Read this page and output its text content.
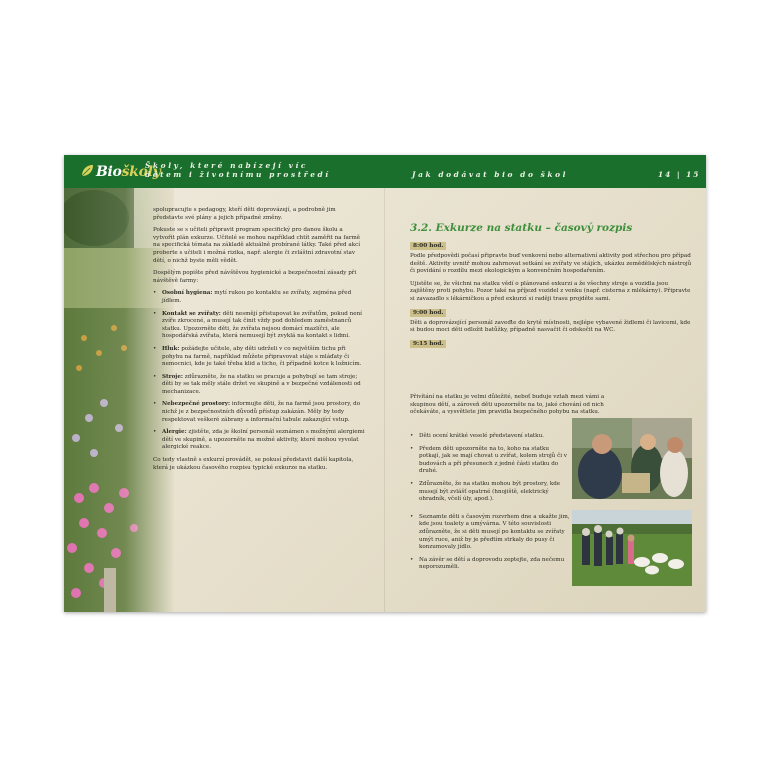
Bioškoly
Školy, které nabízejí víc
dětem i životnímu prostředí	Jak dodávat bio do škol	14 | 15

spolupracujte s pedagogy, kteří děti doprovázejí, a podrobně jim představte své plány a jejich případné změny.

Pokuste se s učiteli připravit program specifický pro danou školu a vytvořit plán exkurze. Učitelé se mohou například chtít zaměřit na farmě na specifická témata na základě aktuálně probírané látky. Také před akcí proberte s učiteli i možná rizika, např. alergie či zvláštní zdravotní stav dětí, o nichž byste měli vědět.

Dospělým popište před návštěvou hygienické a bezpečnostní zásady při návštěvě farmy:

• Osobní hygiena: mytí rukou po kontaktu se zvířaty, zejména před jídlem.
• Kontakt se zvířaty: děti nesmějí přistupovat ke zvířatům, pokud není zvíře zkrocené, a musejí tak činit vždy pod dohledem zaměstnanců statku. Upozorněte děti, že zvířata nejsou domácí mazlíčci, ale hospodářská zvířata, která nemusejí být zvyklá na kontakt s lidmi.
• Hluk: požádejte učitele, aby děti udrželi v co největším tichu při pohybu na farmě, například můžete připravovat stáje s mláďaty či nemocnici, kde je také třeba klid a ticho, či případně kotce k ložnicím.
• Stroje: zdůrazněte, že na statku se pracuje a pohybují se tam stroje; děti by se tak měly stále držet ve skupině a v bezpečné vzdálenosti od mechanizace.
• Nebezpečné prostory: informujte děti, že na farmě jsou prostory, do nichž je z bezpečnostních důvodů přístup zakázán. Měly by tedy respektovat veškeré zábrany a informační tabule zakazující vstup.
• Alergie: zjistěte, zda je školní personál seznámen s možnými alergiemi dětí ve skupině, a upozorněte na možné aktivity, které mohou vyvolat alergické reakce.

Co tedy vlastně s exkurzí provádět, se pokusí představit další kapitola, která je ukázkou časového rozpisu typické exkurze na statku.

3.2. Exkurze na statku – časový rozpis
8:00 hod.

Podle předpovědi počasí připravte buď venkovní nebo alternativní aktivity pod střechou pro případ deště. Aktivity uvnitř mohou zahrnovat setkání se zvířaty ve stájích, ukázku zemědělských nástrojů či povídání o rozdílu mezi ekologickým a konvenčním hospodařením.

Ujistěte se, že všichni na statku vědí o plánované exkurzi a že všechny stroje a vozidla jsou zajištěny proti pohybu. Pozor také na příjezd vozidel z venku (např. cisterna z mlékárny). Připravte si zavazadlo s lékárničkou a před exkurzí si raději trasu projděte sami.

9:00 hod.

Děti a doprovázející personál zaveďte do kryté místnosti, nejlépe vybavené židlemi či lavicemi, kde si budou moci děti odložit batůžky, případně nasvačit či odskočit na WC.

9:15 hod.

Přivítání na statku je velmi důležité, neboť buduje vztah mezi vámi a skupinou dětí, a zároveň děti upozorněte na to, jaké chování od nich očekáváte, a vysvětlete jim pravidla bezpečného pohybu na statku.

• Děti ocení krátké veselé představení statku.
• Předem děti upozorněte na to, koho na statku potkají, jak se mají chovat u zvířat, kolem strojů či v budovách a při přesunech z jedné části statku do druhé.
• Zdůrazněte, že na statku mohou být prostory, kde musejí být zvlášť opatrné (hnojiště, elektrický ohradník, včelí úly, apod.).
• Seznamte děti s časovým rozvrhem dne a ukažte jim, kde jsou toalety a umývárna. V této souvislosti zdůrazněte, že si děti musejí po kontaktu se zvířaty umýt ruce, aniž by je předtím strkaly do pusy či konzumovaly jídlo.
• Na závěr se dětí a doprovodu zeptejte, zda nečemu neporozuměli.
